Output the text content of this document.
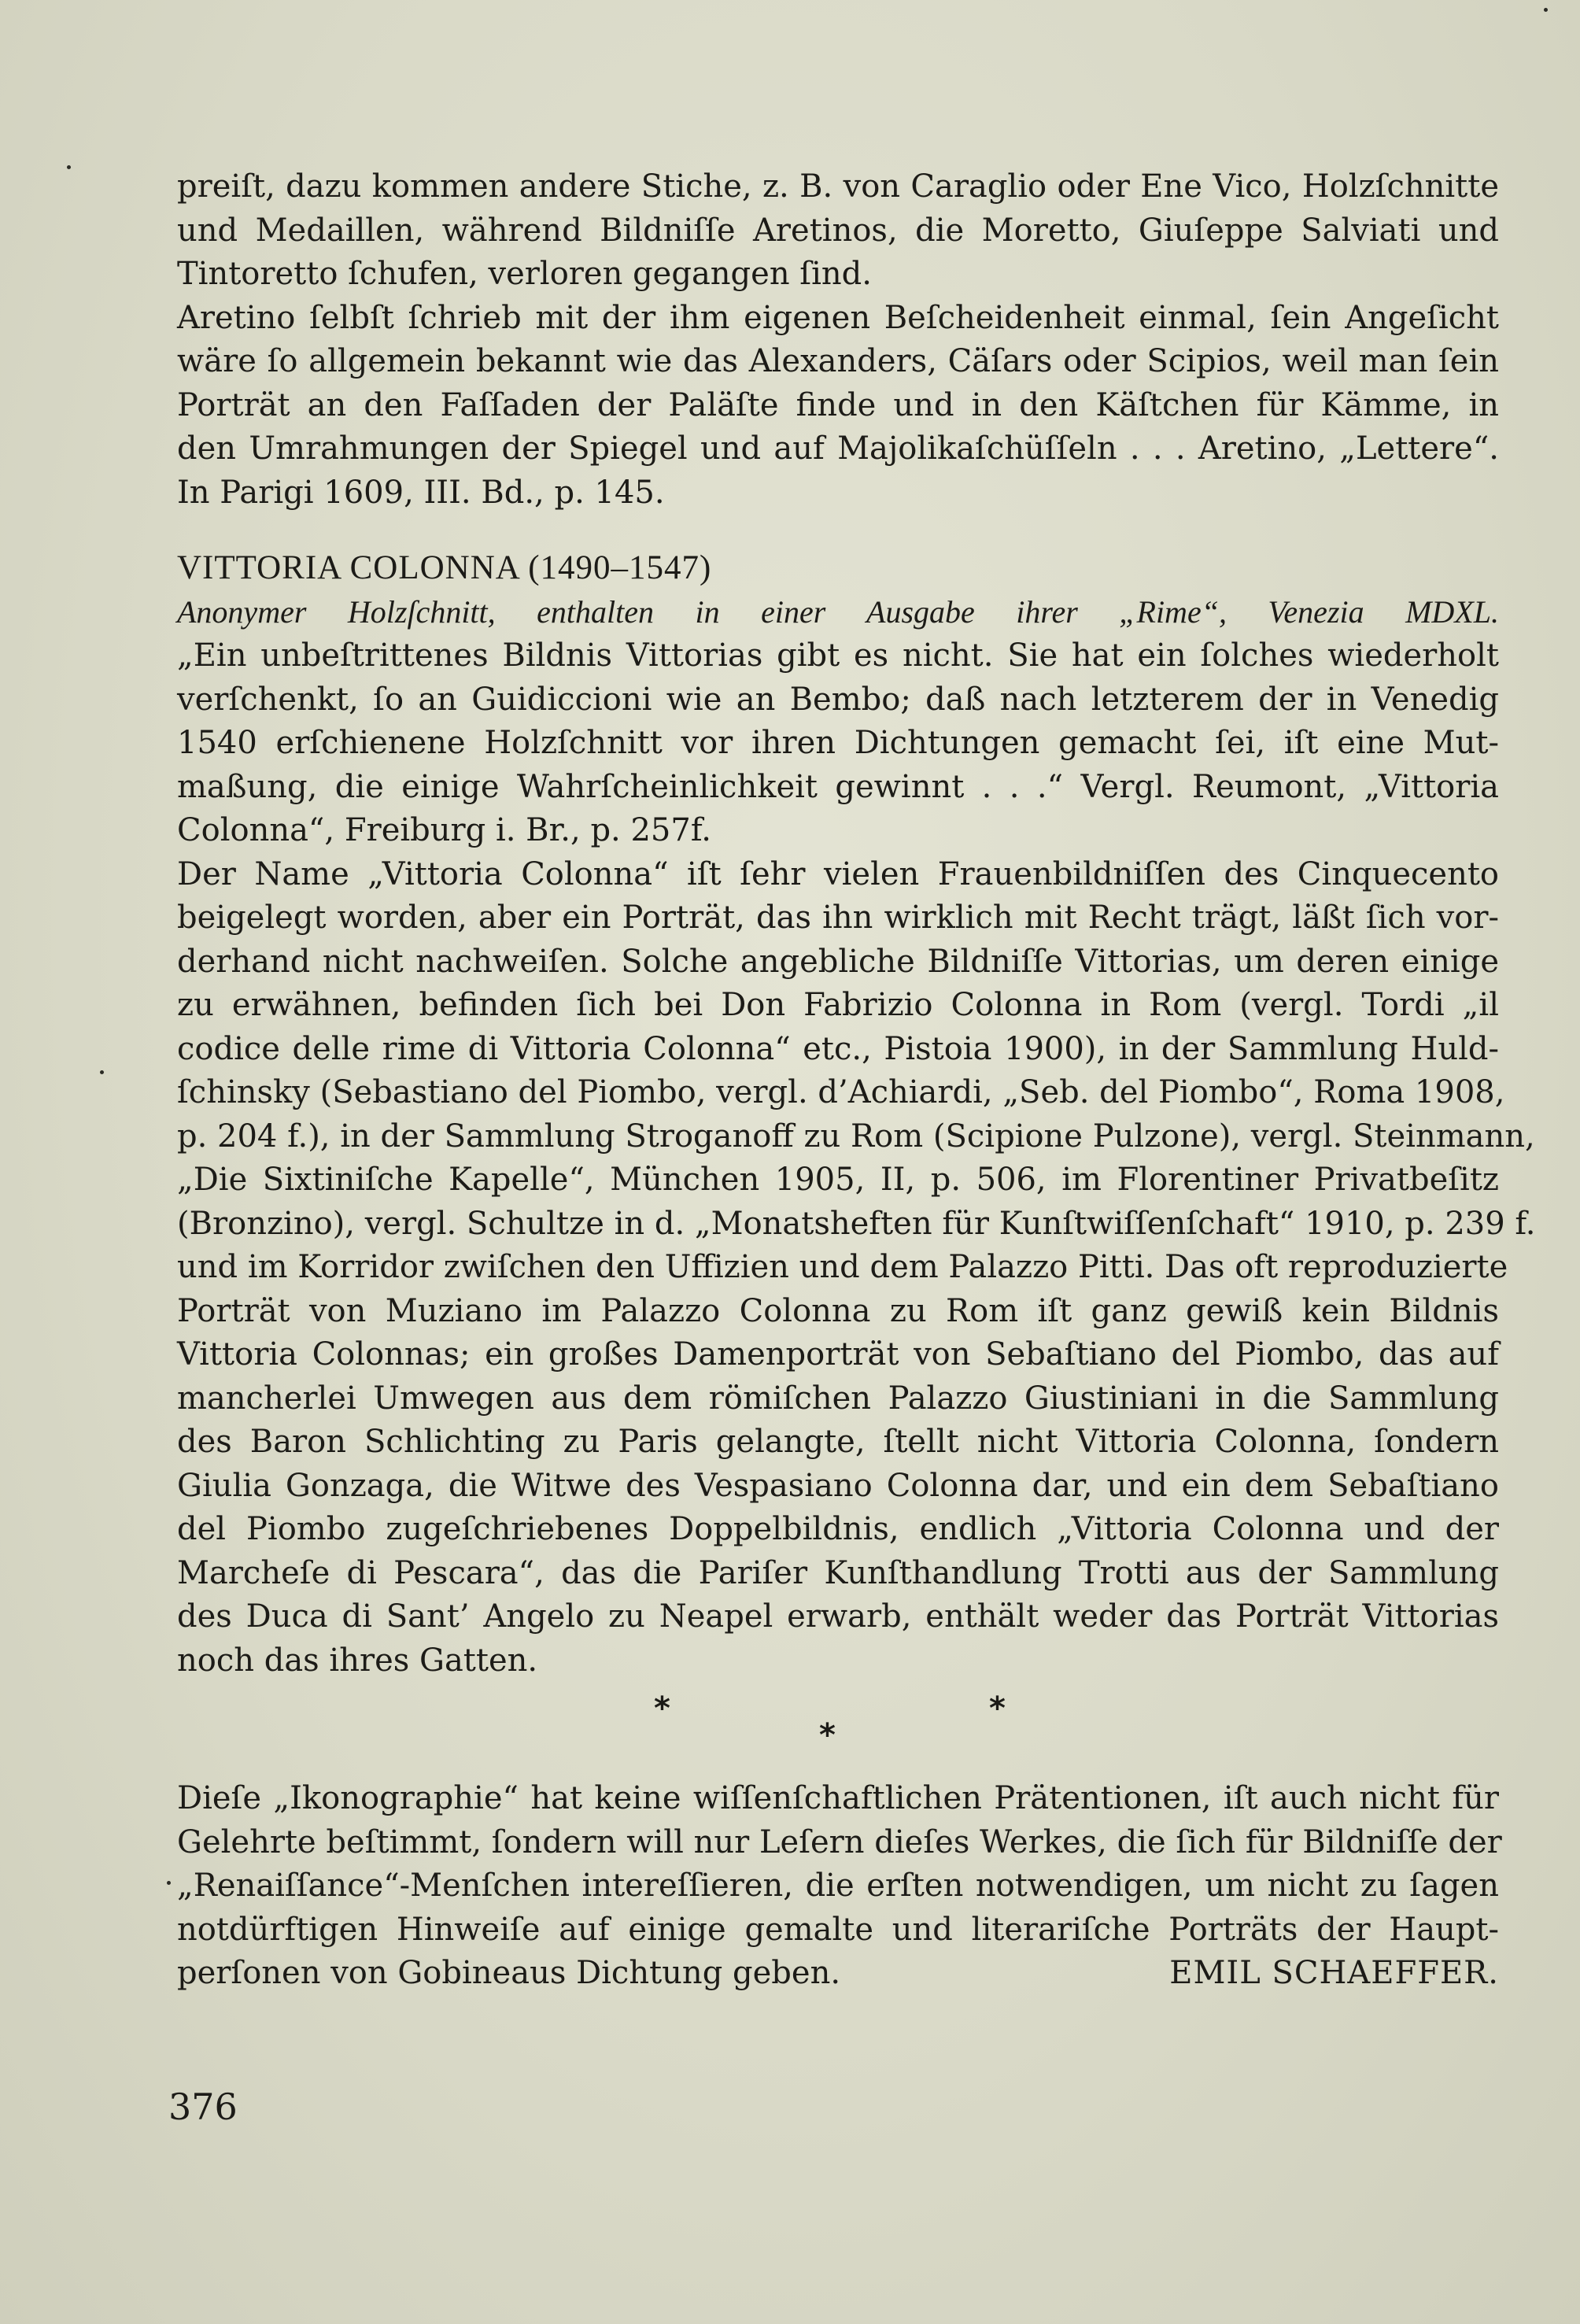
preiſt, dazu kommen andere Stiche, z. B. von Caraglio oder Ene Vico, Holzſchnitte
und Medaillen, während Bildniſſe Aretinos, die Moretto, Giuſeppe Salviati und
Tintoretto ſchufen, verloren gegangen ſind.

Aretino ſelbſt ſchrieb mit der ihm eigenen Beſcheidenheit einmal, ſein Angeſicht
wäre ſo allgemein bekannt wie das Alexanders, Cäſars oder Scipios, weil man ſein
Porträt an den Faſſaden der Paläſte finde und in den Käſtchen für Kämme, in
den Umrahmungen der Spiegel und auf Majolikaſchüſſeln . . . Aretino, „Lettere“.
In Parigi 1609, III. Bd., p. 145.

VITTORIA COLONNA (1490–1547)
Anonymer Holzſchnitt, enthalten in einer Ausgabe ihrer „Rime“, Venezia MDXL.

„Ein unbeſtrittenes Bildnis Vittorias gibt es nicht. Sie hat ein ſolches wiederholt
verſchenkt, ſo an Guidiccioni wie an Bembo; daß nach letzterem der in Venedig
1540 erſchienene Holzſchnitt vor ihren Dichtungen gemacht ſei, iſt eine Mut-
maßung, die einige Wahrſcheinlichkeit gewinnt . . .“ Vergl. Reumont, „Vittoria
Colonna“, Freiburg i. Br., p. 257f.

Der Name „Vittoria Colonna“ iſt ſehr vielen Frauenbildniſſen des Cinquecento
beigelegt worden, aber ein Porträt, das ihn wirklich mit Recht trägt, läßt ſich vor-
derhand nicht nachweiſen. Solche angebliche Bildniſſe Vittorias, um deren einige
zu erwähnen, befinden ſich bei Don Fabrizio Colonna in Rom (vergl. Tordi „il
codice delle rime di Vittoria Colonna“ etc., Pistoia 1900), in der Sammlung Huld-
ſchinsky (Sebastiano del Piombo, vergl. d’Achiardi, „Seb. del Piombo“, Roma 1908,
p. 204 f.), in der Sammlung Stroganoff zu Rom (Scipione Pulzone), vergl. Steinmann,
„Die Sixtiniſche Kapelle“, München 1905, II, p. 506, im Florentiner Privatbeſitz
(Bronzino), vergl. Schultze in d. „Monatsheften für Kunſtwiſſenſchaft“ 1910, p. 239 f.
und im Korridor zwiſchen den Uffizien und dem Palazzo Pitti. Das oft reproduzierte
Porträt von Muziano im Palazzo Colonna zu Rom iſt ganz gewiß kein Bildnis
Vittoria Colonnas; ein großes Damenporträt von Sebaſtiano del Piombo, das auf
mancherlei Umwegen aus dem römiſchen Palazzo Giustiniani in die Sammlung
des Baron Schlichting zu Paris gelangte, ſtellt nicht Vittoria Colonna, ſondern
Giulia Gonzaga, die Witwe des Vespasiano Colonna dar, und ein dem Sebaſtiano
del Piombo zugeſchriebenes Doppelbildnis, endlich „Vittoria Colonna und der
Marcheſe di Pescara“, das die Pariſer Kunſthandlung Trotti aus der Sammlung
des Duca di Sant’ Angelo zu Neapel erwarb, enthält weder das Porträt Vittorias
noch das ihres Gatten.

*
*
*

Dieſe „Ikonographie“ hat keine wiſſenſchaftlichen Prätentionen, iſt auch nicht für
Gelehrte beſtimmt, ſondern will nur Leſern dieſes Werkes, die ſich für Bildniſſe der
„Renaiſſance“-Menſchen intereſſieren, die erſten notwendigen, um nicht zu ſagen
notdürftigen Hinweiſe auf einige gemalte und literariſche Porträts der Haupt-
perſonen von Gobineaus Dichtung geben.	EMIL SCHAEFFER.

376
